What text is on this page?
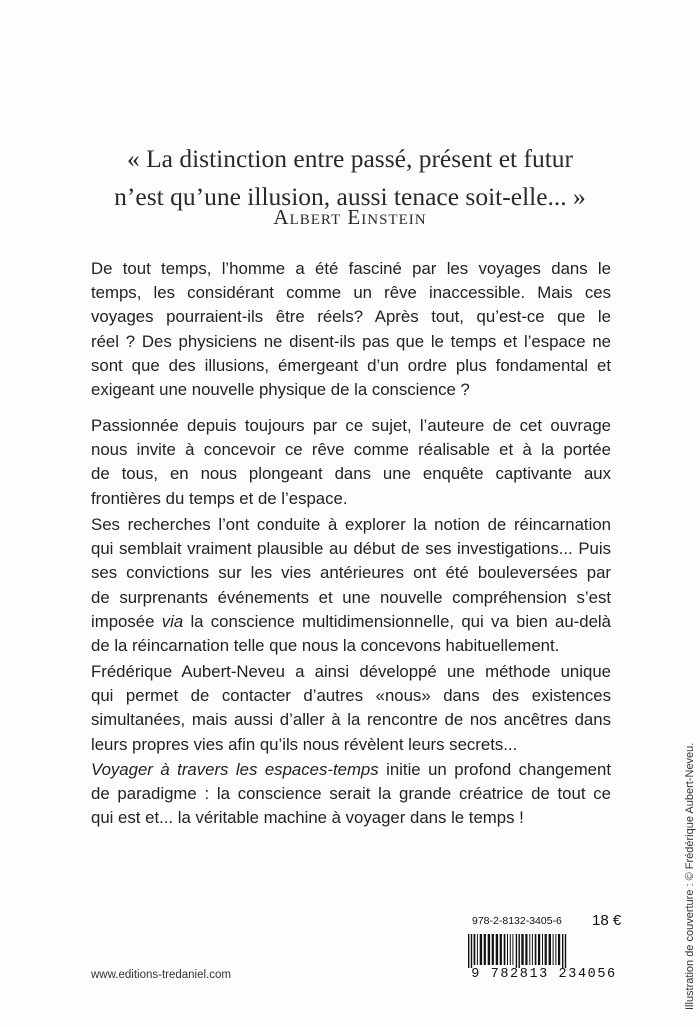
« La distinction entre passé, présent et futur
n’est qu’une illusion, aussi tenace soit-elle... »
Albert Einstein
De tout temps, l’homme a été fasciné par les voyages dans le
temps, les considérant comme un rêve inaccessible. Mais ces
voyages pourraient-ils être réels? Après tout, qu’est-ce que le
réel ? Des physiciens ne disent-ils pas que le temps et l’espace ne
sont que des illusions, émergeant d’un ordre plus fondamental et
exigeant une nouvelle physique de la conscience ?
Passionnée depuis toujours par ce sujet, l’auteure de cet ouvrage
nous invite à concevoir ce rêve comme réalisable et à la portée
de tous, en nous plongeant dans une enquête captivante aux
frontières du temps et de l’espace.
Ses recherches l’ont conduite à explorer la notion de réincarnation
qui semblait vraiment plausible au début de ses investigations... Puis
ses convictions sur les vies antérieures ont été bouleversées par
de surprenants événements et une nouvelle compréhension s’est
imposée via la conscience multidimensionnelle, qui va bien au-delà
de la réincarnation telle que nous la concevons habituellement.
Frédérique Aubert-Neveu a ainsi développé une méthode unique
qui permet de contacter d’autres «nous» dans des existences
simultanées, mais aussi d’aller à la rencontre de nos ancêtres dans
leurs propres vies afin qu’ils nous révèlent leurs secrets...
Voyager à travers les espaces-temps initie un profond changement
de paradigme : la conscience serait la grande créatrice de tout ce
qui est et... la véritable machine à voyager dans le temps !	Illustration de couverture : © Frédérique Aubert-Neveu.
www.editions-tredaniel.com
978-2-8132-3405-6 18 €
9 782813 234056
